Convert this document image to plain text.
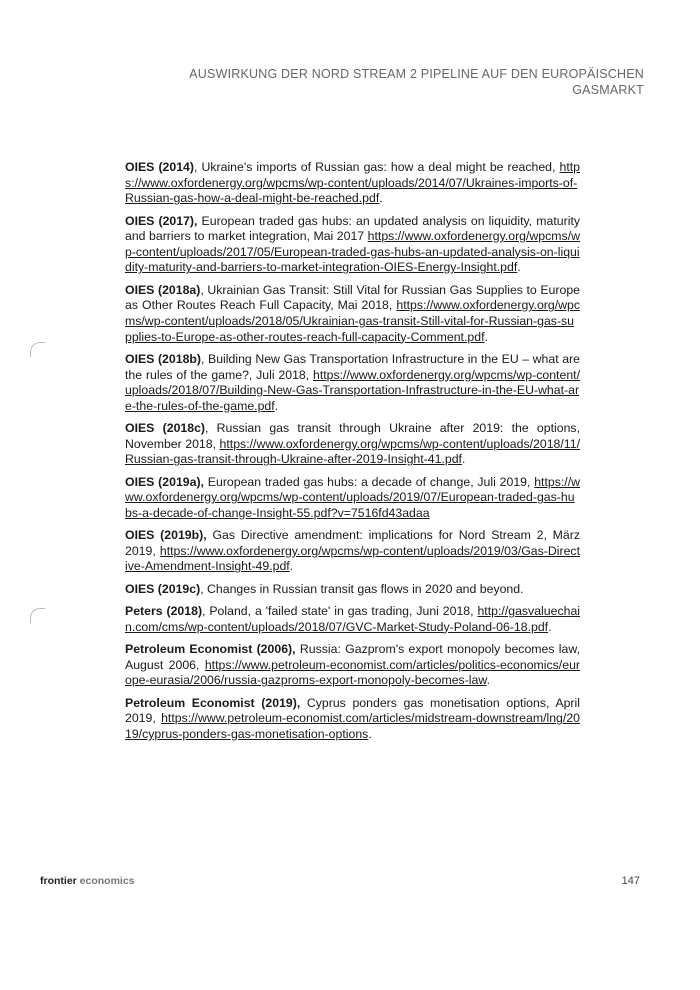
AUSWIRKUNG DER NORD STREAM 2 PIPELINE AUF DEN EUROPÄISCHEN
GASMARKT

OIES (2014), Ukraine's imports of Russian gas: how a deal might be reached, https://www.oxfordenergy.org/wpcms/wp-content/uploads/2014/07/Ukraines-imports-of-Russian-gas-how-a-deal-might-be-reached.pdf.

OIES (2017), European traded gas hubs: an updated analysis on liquidity, maturity and barriers to market integration, Mai 2017 https://www.oxfordenergy.org/wpcms/wp-content/uploads/2017/05/European-traded-gas-hubs-an-updated-analysis-on-liquidity-maturity-and-barriers-to-market-integration-OIES-Energy-Insight.pdf.

OIES (2018a), Ukrainian Gas Transit: Still Vital for Russian Gas Supplies to Europe as Other Routes Reach Full Capacity, Mai 2018, https://www.oxfordenergy.org/wpcms/wp-content/uploads/2018/05/Ukrainian-gas-transit-Still-vital-for-Russian-gas-supplies-to-Europe-as-other-routes-reach-full-capacity-Comment.pdf.

OIES (2018b), Building New Gas Transportation Infrastructure in the EU – what are the rules of the game?, Juli 2018, https://www.oxfordenergy.org/wpcms/wp-content/uploads/2018/07/Building-New-Gas-Transportation-Infrastructure-in-the-EU-what-are-the-rules-of-the-game.pdf.

OIES (2018c), Russian gas transit through Ukraine after 2019: the options, November 2018, https://www.oxfordenergy.org/wpcms/wp-content/uploads/2018/11/Russian-gas-transit-through-Ukraine-after-2019-Insight-41.pdf.

OIES (2019a), European traded gas hubs: a decade of change, Juli 2019, https://www.oxfordenergy.org/wpcms/wp-content/uploads/2019/07/European-traded-gas-hubs-a-decade-of-change-Insight-55.pdf?v=7516fd43adaa

OIES (2019b), Gas Directive amendment: implications for Nord Stream 2, März 2019, https://www.oxfordenergy.org/wpcms/wp-content/uploads/2019/03/Gas-Directive-Amendment-Insight-49.pdf.

OIES (2019c), Changes in Russian transit gas flows in 2020 and beyond.

Peters (2018), Poland, a 'failed state' in gas trading, Juni 2018, http://gasvaluechain.com/cms/wp-content/uploads/2018/07/GVC-Market-Study-Poland-06-18.pdf.

Petroleum Economist (2006), Russia: Gazprom's export monopoly becomes law, August 2006, https://www.petroleum-economist.com/articles/politics-economics/europe-eurasia/2006/russia-gazproms-export-monopoly-becomes-law.

Petroleum Economist (2019), Cyprus ponders gas monetisation options, April 2019, https://www.petroleum-economist.com/articles/midstream-downstream/lng/2019/cyprus-ponders-gas-monetisation-options.

frontier economics	147
